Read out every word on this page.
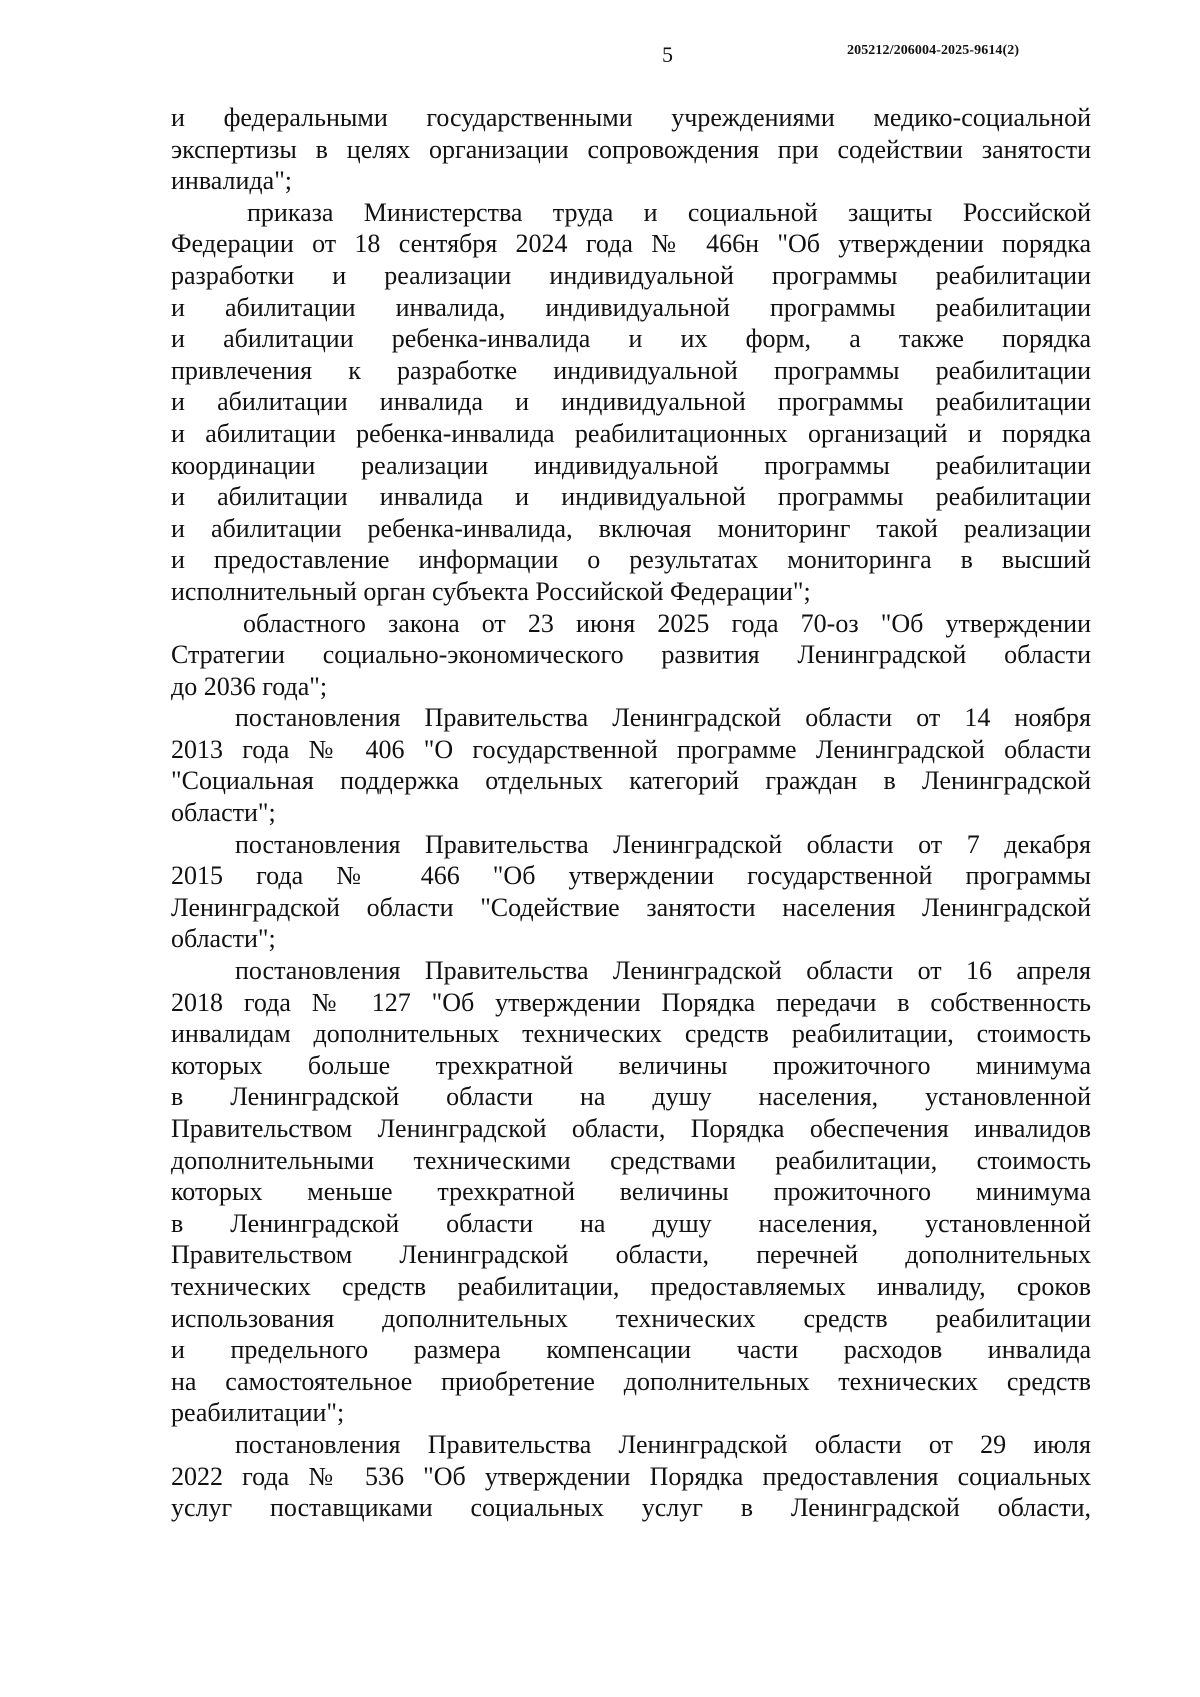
5	205212/206004-2025-9614(2)

и федеральными государственными учреждениями медико-социальной
экспертизы в целях организации сопровождения при содействии занятости
инвалида";

приказа Министерства труда и социальной защиты Российской
Федерации от 18 сентября 2024 года № 466н "Об утверждении порядка
разработки и реализации индивидуальной программы реабилитации
и абилитации инвалида, индивидуальной программы реабилитации
и абилитации ребенка-инвалида и их форм, а также порядка
привлечения к разработке индивидуальной программы реабилитации
и абилитации инвалида и индивидуальной программы реабилитации
и абилитации ребенка-инвалида реабилитационных организаций и порядка
координации реализации индивидуальной программы реабилитации
и абилитации инвалида и индивидуальной программы реабилитации
и абилитации ребенка-инвалида, включая мониторинг такой реализации
и предоставление информации о результатах мониторинга в высший
исполнительный орган субъекта Российской Федерации";

областного закона от 23 июня 2025 года 70-оз "Об утверждении
Стратегии социально-экономического развития Ленинградской области
до 2036 года";

постановления Правительства Ленинградской области от 14 ноября
2013 года № 406 "О государственной программе Ленинградской области
"Социальная поддержка отдельных категорий граждан в Ленинградской
области";

постановления Правительства Ленинградской области от 7 декабря
2015 года № 466 "Об утверждении государственной программы
Ленинградской области "Содействие занятости населения Ленинградской
области";

постановления Правительства Ленинградской области от 16 апреля
2018 года № 127 "Об утверждении Порядка передачи в собственность
инвалидам дополнительных технических средств реабилитации, стоимость
которых больше трехкратной величины прожиточного минимума
в Ленинградской области на душу населения, установленной
Правительством Ленинградской области, Порядка обеспечения инвалидов
дополнительными техническими средствами реабилитации, стоимость
которых меньше трехкратной величины прожиточного минимума
в Ленинградской области на душу населения, установленной
Правительством Ленинградской области, перечней дополнительных
технических средств реабилитации, предоставляемых инвалиду, сроков
использования дополнительных технических средств реабилитации
и предельного размера компенсации части расходов инвалида
на самостоятельное приобретение дополнительных технических средств
реабилитации";

постановления Правительства Ленинградской области от 29 июля
2022 года № 536 "Об утверждении Порядка предоставления социальных
услуг поставщиками социальных услуг в Ленинградской области,
